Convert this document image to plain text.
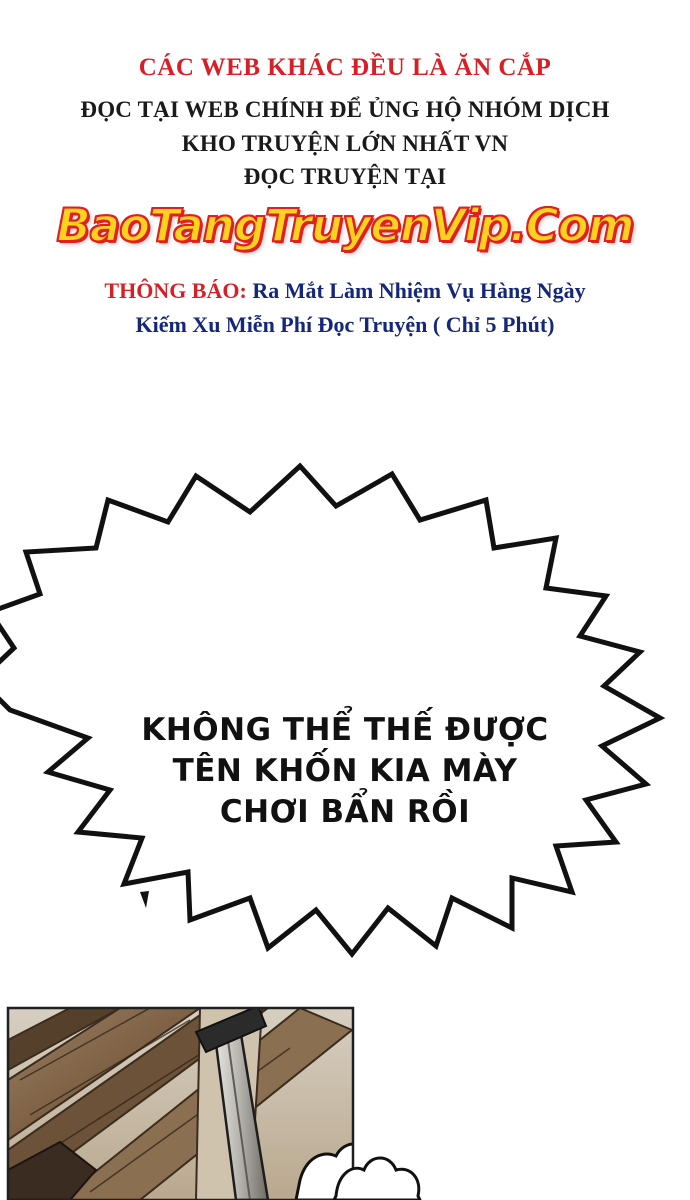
CÁC WEB KHÁC ĐỀU LÀ ĂN CẮP
ĐỌC TẠI WEB CHÍNH ĐỂ ỦNG HỘ NHÓM DỊCH
KHO TRUYỆN LỚN NHẤT VN
ĐỌC TRUYỆN TẠI
BaoTangTruyenVip.Com
THÔNG BÁO: Ra Mắt Làm Nhiệm Vụ Hàng Ngày
Kiếm Xu Miễn Phí Đọc Truyện ( Chỉ 5 Phút)
KHÔNG THỂ THẾ ĐƯỢC
TÊN KHỐN KIA MÀY
CHƠI BẨN RỒI
